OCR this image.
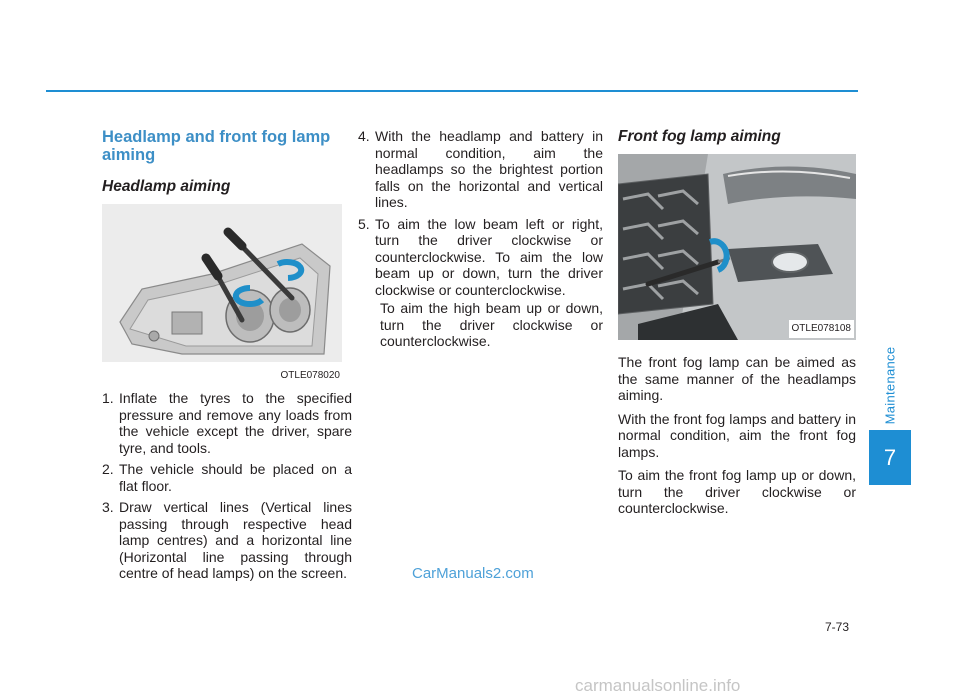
Maintenance
7
Headlamp and front fog lamp aiming
Headlamp aiming
OTLE078020
1. Inflate the tyres to the specified pressure and remove any loads from the vehicle except the driver, spare tyre, and tools.
2. The vehicle should be placed on a flat floor.
3. Draw vertical lines (Vertical lines passing through respective head lamp centres) and a horizontal line (Horizontal line passing through centre of head lamps) on the screen.
4. With the headlamp and battery in normal condition, aim the headlamps so the brightest portion falls on the horizontal and vertical lines.
5. To aim the low beam left or right, turn the driver clockwise or counterclockwise. To aim the low beam up or down, turn the driver clockwise or counterclockwise.
To aim the high beam up or down, turn the driver clockwise or counterclockwise.
Front fog lamp aiming
OTLE078108

The front fog lamp can be aimed as the same manner of the headlamps aiming.

With the front fog lamps and battery in normal condition, aim the front fog lamps.

To aim the front fog lamp up or down, turn the driver clockwise or counterclockwise.

CarManuals2.com
7-73
carmanualsonline.info
